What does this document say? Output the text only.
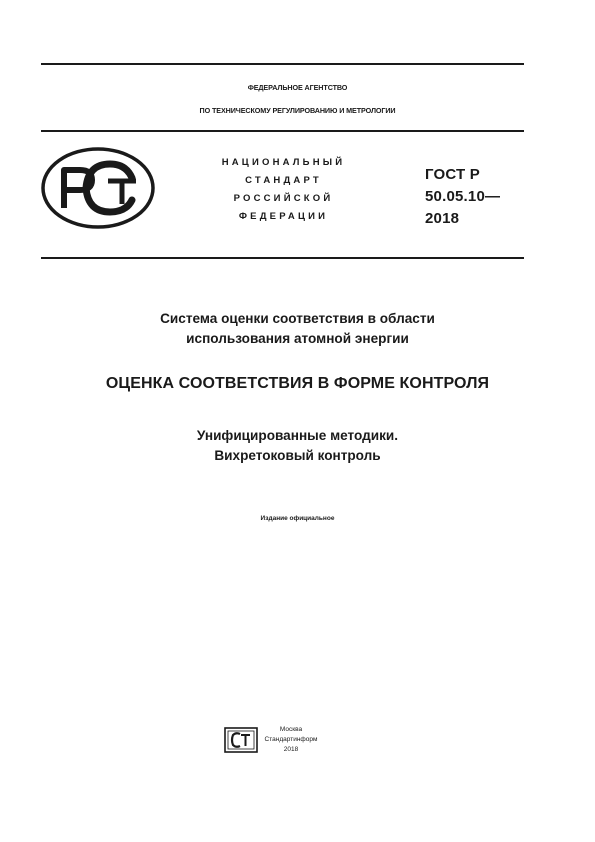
ФЕДЕРАЛЬНОЕ АГЕНТСТВО
ПО ТЕХНИЧЕСКОМУ РЕГУЛИРОВАНИЮ И МЕТРОЛОГИИ
НАЦИОНАЛЬНЫЙ
СТАНДАРТ
РОССИЙСКОЙ
ФЕДЕРАЦИИ
ГОСТ Р
50.05.10—
2018
Система оценки соответствия в области
использования атомной энергии
ОЦЕНКА СООТВЕТСТВИЯ В ФОРМЕ КОНТРОЛЯ
Унифицированные методики.
Вихретоковый контроль
Издание официальное
Москва
Стандартинформ
2018
